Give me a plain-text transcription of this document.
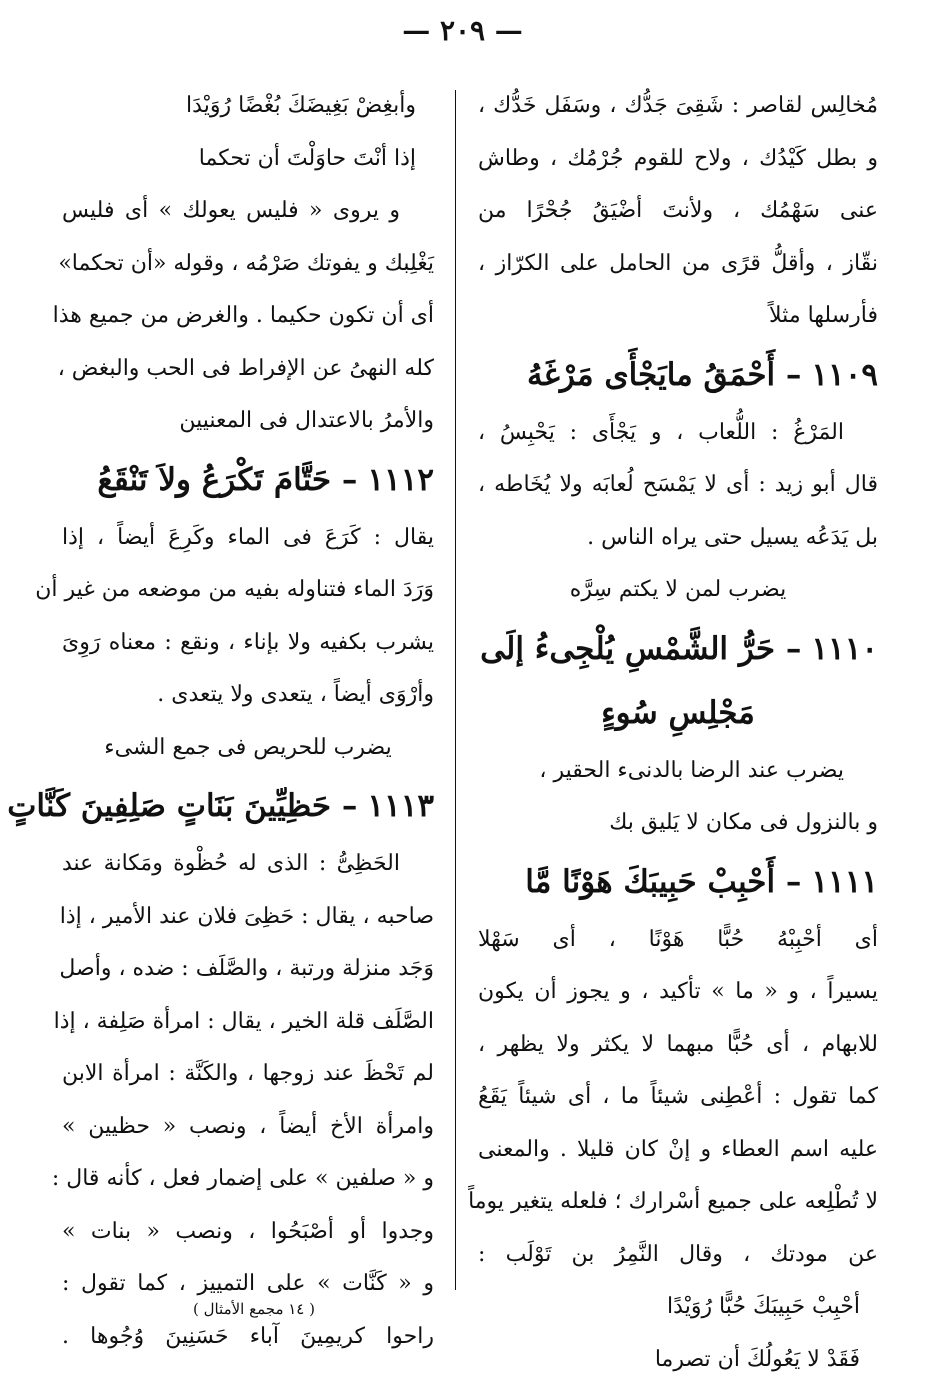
— ٢٠٩ —
مُخالِس لقاصر : شَقِىَ جَدُّك ، وسَفَل خَدُّك ،
و بطل كَيْدُك ، ولاح للقوم جُرْمُك ، وطاش
عنى سَهْمُك ، ولأنتَ أضْيَقُ جُحْرًا من
نقّاز ، وأقلُّ قرًى من الحامل على الكرّاز ،
فأرسلها مثلاً
١١٠٩– أَحْمَقُ مايَجْأَى مَرْغَهُ
المَرْغُ : اللُّعاب ، و يَجْأَى : يَحْبِسُ ،
قال أبو زيد : أى لا يَمْسَح لُعابَه ولا يُخَاطه ،
بل يَدَعُه يسيل حتى يراه الناس .
يضرب لمن لا يكتم سِرَّه
١١١٠– حَرُّ الشَّمْسِ يُلْجِىءُ إلَى
مَجْلِسِ سُوءٍ
يضرب عند الرضا بالدنىء الحقير ،
و بالنزول فى مكان لا يَليق بك
١١١١– أَحْبِبْ حَبِيبَكَ هَوْنًا مَّا
أى أحْبِبْهُ حُبًّا هَوْنًا ، أى سَهْلا
يسيراً ، و « ما » تأكيد ، و يجوز أن يكون
للابهام ، أى حُبًّا مبهما لا يكثر ولا يظهر ،
كما تقول : أعْطِنى شيئاً ما ، أى شيئاً يَقَعُ
عليه اسم العطاء و إنْ كان قليلا . والمعنى
لا تُطْلِعه على جميع أسْرارك ؛ فلعله يتغير يوماً
عن مودتك ، وقال النَّمِرُ بن تَوْلَب :
أحْبِبْ حَبِيبَكَ حُبًّا رُوَيْدًا
فَقَدْ لا يَعُولُكَ أن تصرما
وأبغِضْ بَغِيضَكَ بُغْضًا رُوَيْدَا
إذا أنْتَ حاوَلْتَ أن تحكما
و يروى « فليس يعولك » أى فليس
يَغْلِبك و يفوتك صَرْمُه ، وقوله «أن تحكما»
أى أن تكون حكيما . والغرض من جميع هذا
كله النهىُ عن الإفراط فى الحب والبغض ،
والأمرُ بالاعتدال فى المعنيين
١١١٢– حَتَّامَ تَكْرَعُ ولاَ تَنْقَعُ
يقال : كَرَعَ فى الماء وكَرِعَ أيضاً ، إذا
وَرَدَ الماء فتناوله بفيه من موضعه من غير أن
يشرب بكفيه ولا بإناء ، ونقع : معناه رَوِىَ
وأرْوَى أيضاً ، يتعدى ولا يتعدى .
يضرب للحريص فى جمع الشىء
١١١٣– حَظِيِّينَ بَنَاتٍ صَلِفِينَ كَنَّاتٍ
الحَظِىُّ : الذى له حُظْوة ومَكانة عند
صاحبه ، يقال : حَظِىَ فلان عند الأمير ، إذا
وَجَد منزلة ورتبة ، والصَّلَف : ضده ، وأصل
الصَّلَف قلة الخير ، يقال : امرأة صَلِفة ، إذا
لم تَحْظَ عند زوجها ، والكَنَّة : امرأة الابن
وامرأة الأخ أيضاً ، ونصب « حظيين »
و « صلفين » على إضمار فعل ، كأنه قال :
وجدوا أو أصْبَحُوا ، ونصب « بنات »
و « كَنَّات » على التمييز ، كما تقول :
راحوا كريمِينَ آباء حَسَنِينَ وُجُوها .
( ١٤ مجمع الأمثال )
